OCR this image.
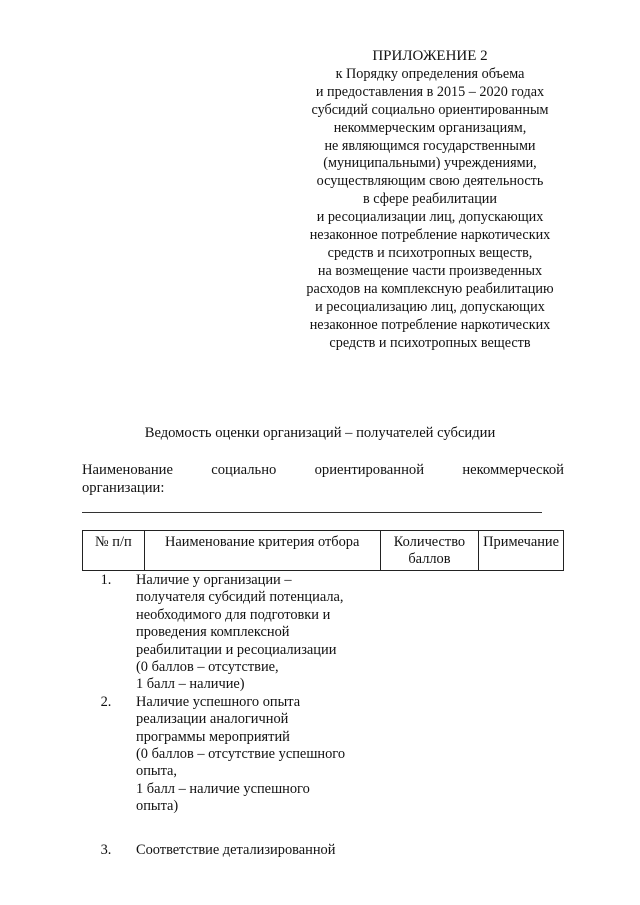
ПРИЛОЖЕНИЕ 2
к Порядку определения объема
и предоставления в 2015 – 2020 годах
субсидий социально ориентированным
некоммерческим организациям,
не являющимся государственными
(муниципальными) учреждениями,
осуществляющим свою деятельность
в сфере реабилитации
и ресоциализации лиц, допускающих
незаконное потребление наркотических
средств и психотропных веществ,
на возмещение части произведенных
расходов на комплексную реабилитацию
и ресоциализацию лиц, допускающих
незаконное потребление наркотических
средств и психотропных веществ
Ведомость оценки организаций – получателей субсидии
Наименование	социально	ориентированной	некоммерческой
организации:
№ п/п	Наименование критерия отбора	Количество баллов	Примечание
1.	Наличие у организации –
получателя субсидий потенциала,
необходимого для подготовки и
проведения комплексной
реабилитации и ресоциализации
(0 баллов – отсутствие,
1 балл – наличие)
2.	Наличие успешного опыта
реализации аналогичной
программы мероприятий
(0 баллов – отсутствие успешного
опыта,
1 балл – наличие успешного
опыта)
3.	Соответствие детализированной
